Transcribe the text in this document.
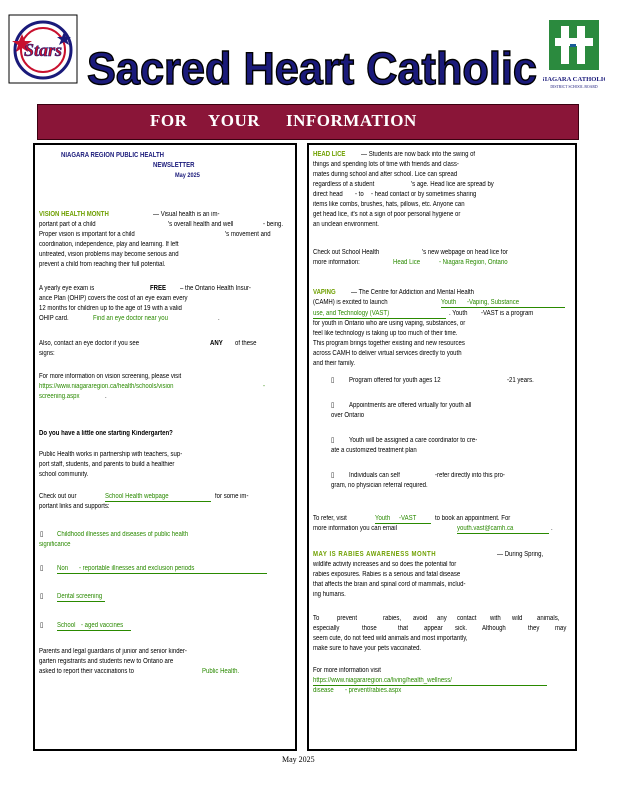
Stars Sacred Heart Catholic NIAGARA CATHOLIC
DISTRICT SCHOOL BOARD
FOR YOUR INFORMATION
NIAGARA REGION PUBLIC HEALTH
NEWSLETTER
May 2025
VISION HEALTH MONTH	— Visual health is an im-
portant part of a child	's overall health and well	- being.
Proper vision is important for a child	's movement and
coordination, independence, play and learning. If left
untreated, vision problems may become serious and
prevent a child from reaching their full potential.
A yearly eye exam is	FREE – the Ontario Health Insur-
ance Plan (OHIP) covers the cost of an eye exam every
12 months for children up to the age of 19 with a valid
OHIP card.	Find an eye doctor near you	.
Also, contact an eye doctor if you see	ANY of these
signs:
For more information on vision screening, please visit
https://www.niagararegion.ca/health/schools/vision	-
screening.aspx	.
Do you have a little one starting Kindergarten?
Public Health works in partnership with teachers, sup-
port staff, students, and parents to build a healthier
school community.
Check out our	School Health webpage	for some im-
portant links and supports:
▯ Childhood illnesses and diseases of public health
significance
▯ Non - reportable illnesses and exclusion periods
▯ Dental screening
▯ School - aged vaccines
Parents and legal guardians of junior and senior kinder-
garten registrants and students new to Ontario are
asked to report their vaccinations to	Public Health.
HEAD LICE — Students are now back into the swing of
things and spending lots of time with friends and class-
mates during school and after school. Lice can spread
regardless of a student	's age. Head lice are spread by
direct head - to - head contact or by sometimes sharing
items like combs, brushes, hats, pillows, etc. Anyone can
get head lice, it's not a sign of poor personal hygiene or
an unclean environment.
Check out School Health	's new webpage on head lice for
more information:	Head Lice	- Niagara Region, Ontario
VAPING — The Centre for Addiction and Mental Health
(CAMH) is excited to launch	Youth -Vaping, Substance
use, and Technology (VAST)	. Youth -VAST is a program
for youth in Ontario who are using vaping, substances, or
feel like technology is taking up too much of their time.
This program brings together existing and new resources
across CAMH to deliver virtual services directly to youth
and their family.
▯ Program offered for youth ages 12	-21 years.
▯ Appointments are offered virtually for youth all
over Ontario
▯ Youth will be assigned a care coordinator to cre-
ate a customized treatment plan
▯ Individuals can self	-refer directly into this pro-
gram, no physician referral required.
To refer, visit	Youth -VAST	to book an appointment. For
more information you can email	youth.vast@camh.ca	.
MAY IS RABIES AWARENESS MONTH	— During Spring,
wildlife activity increases and so does the potential for
rabies exposures. Rabies is a serious and fatal disease
that affects the brain and spinal cord of mammals, includ-
ing humans.
To	prevent	rabies, avoid any contact with wild animals,
especially	those	that appear sick. Although	they may
seem cute, do not feed wild animals and most importantly,
make sure to have your pets vaccinated.
For more information visit
https://www.niagararegion.ca/living/health_wellness/
disease - prevent/rabies.aspx
May 2025
